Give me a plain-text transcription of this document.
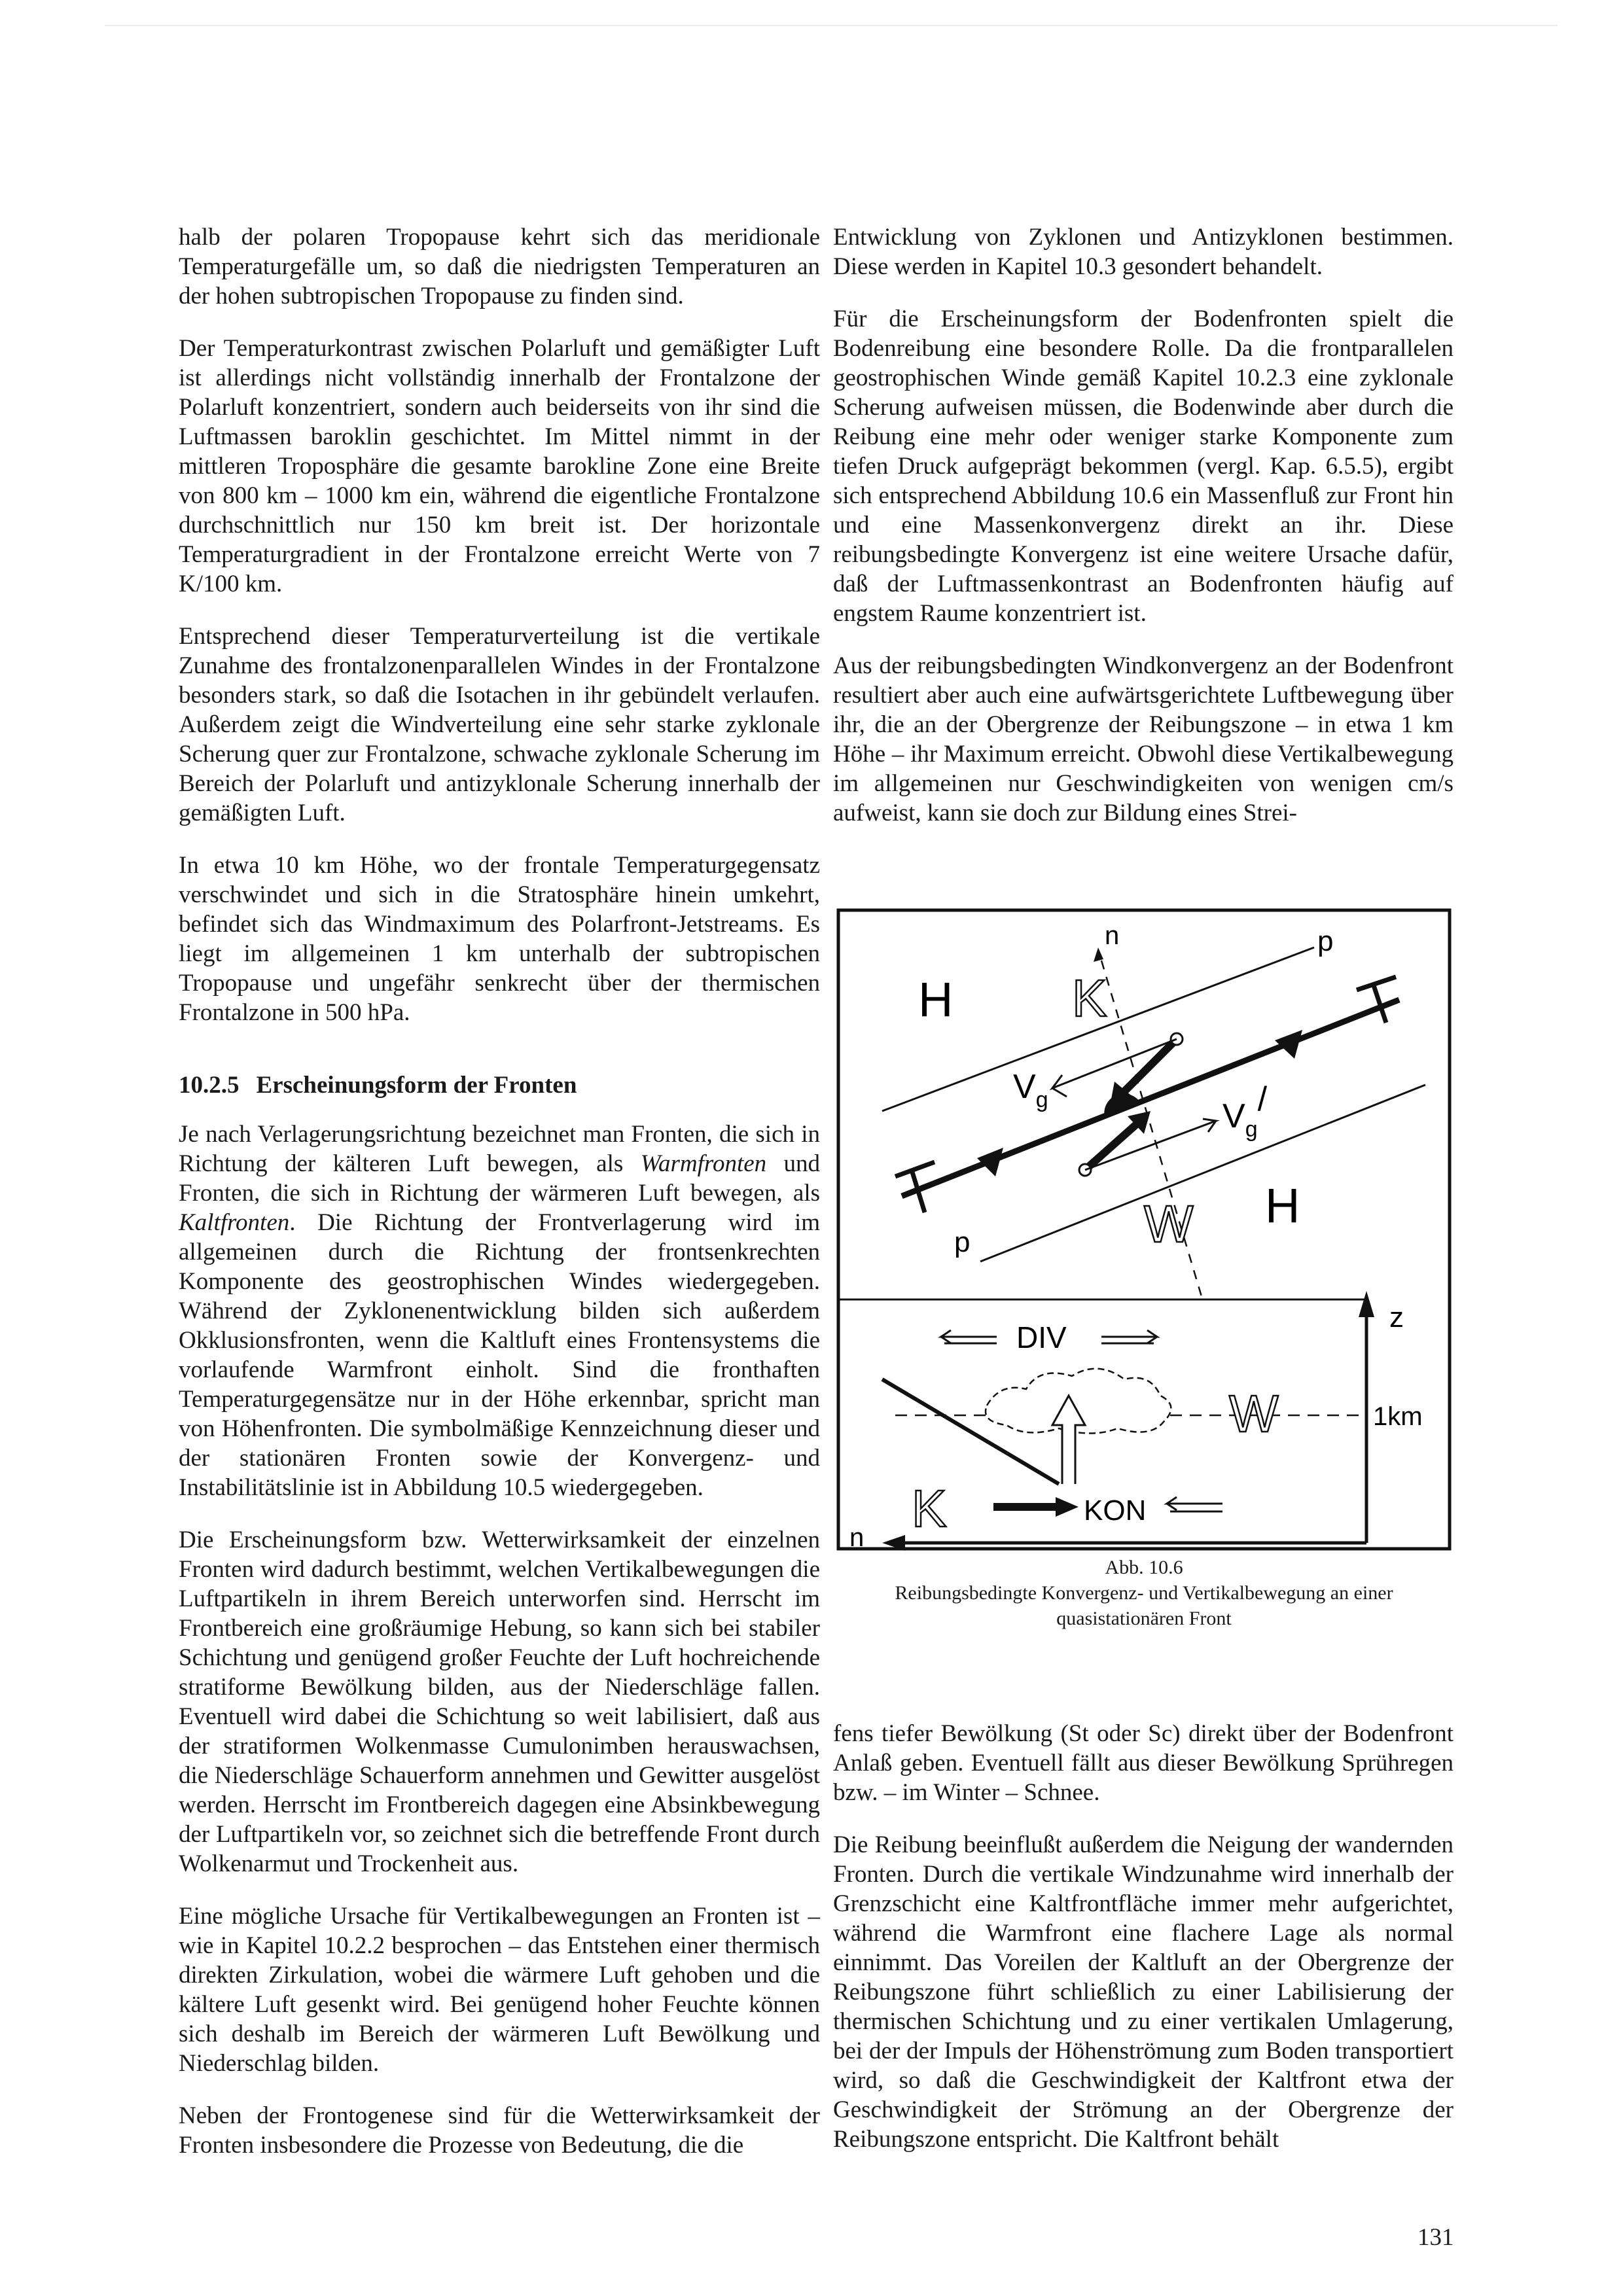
halb der polaren Tropopause kehrt sich das meridionale Temperaturgefälle um, so daß die niedrigsten Temperaturen an der hohen subtropischen Tropopause zu finden sind.

Der Temperaturkontrast zwischen Polarluft und gemäßigter Luft ist allerdings nicht vollständig innerhalb der Frontalzone der Polarluft konzentriert, sondern auch beiderseits von ihr sind die Luftmassen baroklin geschichtet. Im Mittel nimmt in der mittleren Troposphäre die gesamte barokline Zone eine Breite von 800 km – 1000 km ein, während die eigentliche Frontalzone durchschnittlich nur 150 km breit ist. Der horizontale Temperaturgradient in der Frontalzone erreicht Werte von 7 K/100 km.

Entsprechend dieser Temperaturverteilung ist die vertikale Zunahme des frontalzonenparallelen Windes in der Frontalzone besonders stark, so daß die Isotachen in ihr gebündelt verlaufen. Außerdem zeigt die Windverteilung eine sehr starke zyklonale Scherung quer zur Frontalzone, schwache zyklonale Scherung im Bereich der Polarluft und antizyklonale Scherung innerhalb der gemäßigten Luft.

In etwa 10 km Höhe, wo der frontale Temperaturgegensatz verschwindet und sich in die Stratosphäre hinein umkehrt, befindet sich das Windmaximum des Polarfront-Jetstreams. Es liegt im allgemeinen 1 km unterhalb der subtropischen Tropopause und ungefähr senkrecht über der thermischen Frontalzone in 500 hPa.

10.2.5 Erscheinungsform der Fronten

Je nach Verlagerungsrichtung bezeichnet man Fronten, die sich in Richtung der kälteren Luft bewegen, als Warmfronten und Fronten, die sich in Richtung der wärmeren Luft bewegen, als Kaltfronten. Die Richtung der Frontverlagerung wird im allgemeinen durch die Richtung der frontsenkrechten Komponente des geostrophischen Windes wiedergegeben. Während der Zyklonenentwicklung bilden sich außerdem Okklusionsfronten, wenn die Kaltluft eines Frontensystems die vorlaufende Warmfront einholt. Sind die fronthaften Temperaturgegensätze nur in der Höhe erkennbar, spricht man von Höhenfronten. Die symbolmäßige Kennzeichnung dieser und der stationären Fronten sowie der Konvergenz- und Instabilitätslinie ist in Abbildung 10.5 wiedergegeben.

Die Erscheinungsform bzw. Wetterwirksamkeit der einzelnen Fronten wird dadurch bestimmt, welchen Vertikalbewegungen die Luftpartikeln in ihrem Bereich unterworfen sind. Herrscht im Frontbereich eine großräumige Hebung, so kann sich bei stabiler Schichtung und genügend großer Feuchte der Luft hochreichende stratiforme Bewölkung bilden, aus der Niederschläge fallen. Eventuell wird dabei die Schichtung so weit labilisiert, daß aus der stratiformen Wolkenmasse Cumulonimben herauswachsen, die Niederschläge Schauerform annehmen und Gewitter ausgelöst werden. Herrscht im Frontbereich dagegen eine Absinkbewegung der Luftpartikeln vor, so zeichnet sich die betreffende Front durch Wolkenarmut und Trockenheit aus.

Eine mögliche Ursache für Vertikalbewegungen an Fronten ist – wie in Kapitel 10.2.2 besprochen – das Entstehen einer thermisch direkten Zirkulation, wobei die wärmere Luft gehoben und die kältere Luft gesenkt wird. Bei genügend hoher Feuchte können sich deshalb im Bereich der wärmeren Luft Bewölkung und Niederschlag bilden.

Neben der Frontogenese sind für die Wetterwirksamkeit der Fronten insbesondere die Prozesse von Bedeutung, die die

Entwicklung von Zyklonen und Antizyklonen bestimmen. Diese werden in Kapitel 10.3 gesondert behandelt.

Für die Erscheinungsform der Bodenfronten spielt die Bodenreibung eine besondere Rolle. Da die frontparallelen geostrophischen Winde gemäß Kapitel 10.2.3 eine zyklonale Scherung aufweisen müssen, die Bodenwinde aber durch die Reibung eine mehr oder weniger starke Komponente zum tiefen Druck aufgeprägt bekommen (vergl. Kap. 6.5.5), ergibt sich entsprechend Abbildung 10.6 ein Massenfluß zur Front hin und eine Massenkonvergenz direkt an ihr. Diese reibungsbedingte Konvergenz ist eine weitere Ursache dafür, daß der Luftmassenkontrast an Bodenfronten häufig auf engstem Raume konzentriert ist.

Aus der reibungsbedingten Windkonvergenz an der Bodenfront resultiert aber auch eine aufwärtsgerichtete Luftbewegung über ihr, die an der Obergrenze der Reibungszone – in etwa 1 km Höhe – ihr Maximum erreicht. Obwohl diese Vertikalbewegung im allgemeinen nur Geschwindigkeiten von wenigen cm/s aufweist, kann sie doch zur Bildung eines Strei-

n	p
H K
$V_g$	$V_g/$
p	W H
z
n
DIV
1km
W
K	KON
Abb. 10.6
Reibungsbedingte Konvergenz- und Vertikalbewegung an einer
quasistationären Front

fens tiefer Bewölkung (St oder Sc) direkt über der Bodenfront Anlaß geben. Eventuell fällt aus dieser Bewölkung Sprühregen bzw. – im Winter – Schnee.

Die Reibung beeinflußt außerdem die Neigung der wandernden Fronten. Durch die vertikale Windzunahme wird innerhalb der Grenzschicht eine Kaltfrontfläche immer mehr aufgerichtet, während die Warmfront eine flachere Lage als normal einnimmt. Das Voreilen der Kaltluft an der Obergrenze der Reibungszone führt schließlich zu einer Labilisierung der thermischen Schichtung und zu einer vertikalen Umlagerung, bei der der Impuls der Höhenströmung zum Boden transportiert wird, so daß die Geschwindigkeit der Kaltfront etwa der Geschwindigkeit der Strömung an der Obergrenze der Reibungszone entspricht. Die Kaltfront behält

131
